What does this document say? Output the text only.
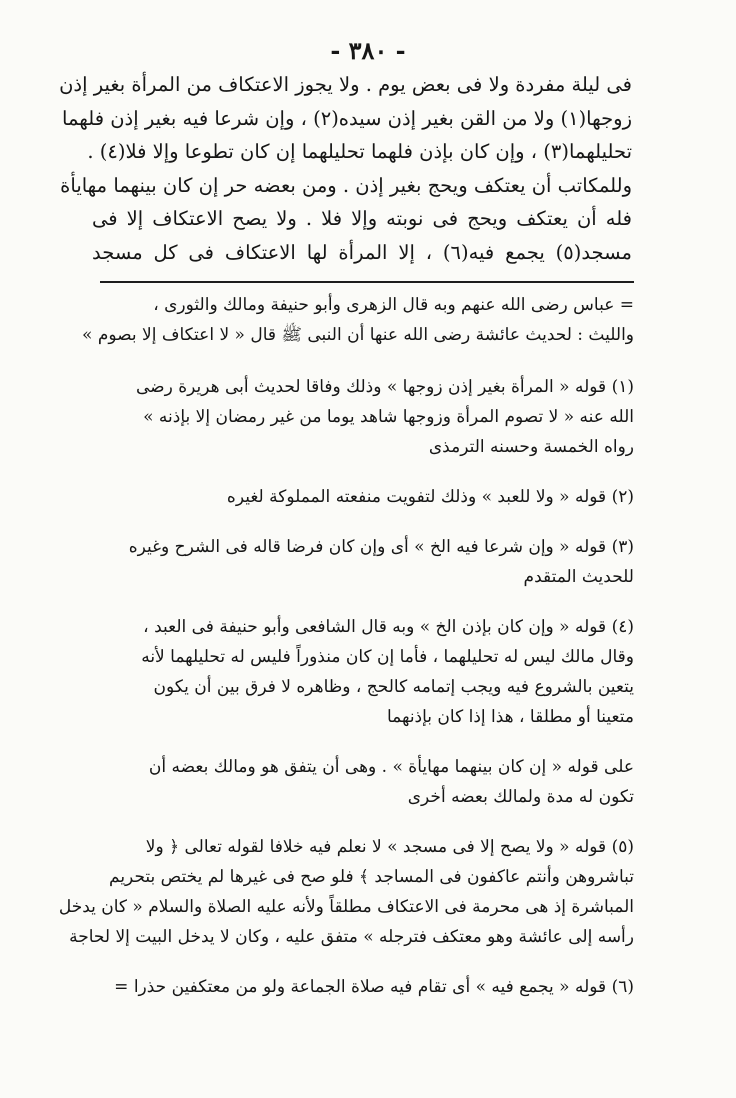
- ٣٨٠ -
فى ليلة مفردة ولا فى بعض يوم . ولا يجوز الاعتكاف من المرأة بغير إذن
زوجها(١) ولا من القن بغير إذن سيده(٢) ، وإن شرعا فيه بغير إذن فلهما
تحليلهما(٣) ، وإن كان بإذن فلهما تحليلهما إن كان تطوعا وإلا فلا(٤) .
وللمكاتب أن يعتكف ويحج بغير إذن . ومن بعضه حر إن كان بينهما مهايأة
فله أن يعتكف ويحج فى نوبته وإلا فلا . ولا يصح الاعتكاف إلا فى
مسجد(٥) يجمع فيه(٦) ، إلا المرأة لها الاعتكاف فى كل مسجد
= عباس رضى الله عنهم وبه قال الزهرى وأبو حنيفة ومالك والثورى ،
والليث : لحديث عائشة رضى الله عنها أن النبى ﷺ قال « لا اعتكاف إلا بصوم »
(١) قوله « المرأة بغير إذن زوجها » وذلك وفاقا لحديث أبى هريرة رضى
الله عنه « لا تصوم المرأة وزوجها شاهد يوما من غير رمضان إلا بإذنه »
رواه الخمسة وحسنه الترمذى
(٢) قوله « ولا للعبد » وذلك لتفويت منفعته المملوكة لغيره
(٣) قوله « وإن شرعا فيه الخ » أى وإن كان فرضا قاله فى الشرح وغيره
للحديث المتقدم
(٤) قوله « وإن كان بإذن الخ » وبه قال الشافعى وأبو حنيفة فى العبد ،
وقال مالك ليس له تحليلهما ، فأما إن كان منذوراً فليس له تحليلهما لأنه
يتعين بالشروع فيه ويجب إتمامه كالحج ، وظاهره لا فرق بين أن يكون
متعينا أو مطلقا ، هذا إذا كان بإذنهما
على قوله « إن كان بينهما مهايأة » . وهى أن يتفق هو ومالك بعضه أن
تكون له مدة ولمالك بعضه أخرى
(٥) قوله « ولا يصح إلا فى مسجد » لا نعلم فيه خلافا لقوله تعالى ﴿ ولا
تباشروهن وأنتم عاكفون فى المساجد ﴾ فلو صح فى غيرها لم يختص بتحريم
المباشرة إذ هى محرمة فى الاعتكاف مطلقاً ولأنه عليه الصلاة والسلام « كان يدخل
رأسه إلى عائشة وهو معتكف فترجله » متفق عليه ، وكان لا يدخل البيت إلا لحاجة
(٦) قوله « يجمع فيه » أى تقام فيه صلاة الجماعة ولو من معتكفين حذرا =
